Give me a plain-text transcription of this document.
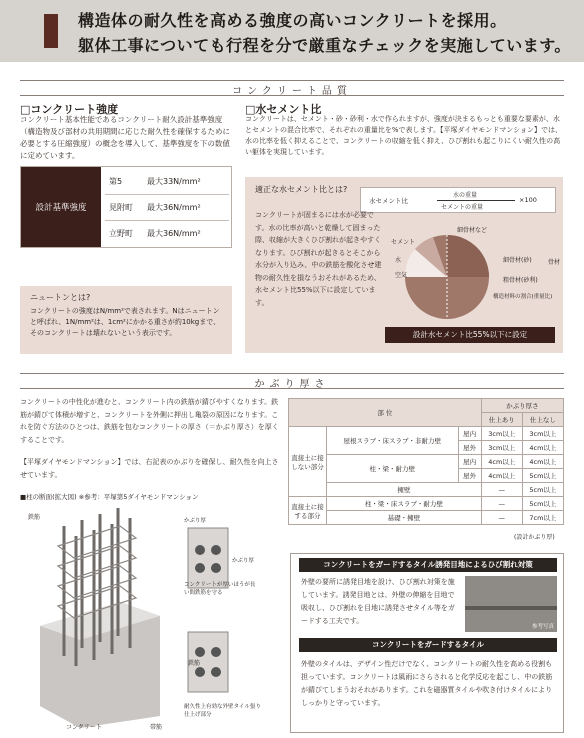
構造体の耐久性を高める強度の高いコンクリートを採用。
躯体工事についても行程を分で厳重なチェックを実施しています。
コンクリート品質
□コンクリート強度
コンクリート基本性能であるコンクリート耐久設計基準強度（構造物及び部材の共用期間に応じた耐久性を確保するために必要とする圧縮強度）の概念を導入して、基準強度を下の数値に定めています。
設計基準強度
第5	最大33N/mm²
見附町 最大36N/mm²
立野町 最大36N/mm²
ニュートンとは?
コンクリートの強度はN/mm²で表されます。Nはニュートンと呼ばれ、1N/mm²は、1cm²にかかる重さが約10kgまで、そのコンクリートは壊れないという表示です。
□水セメント比
コンクリートは、セメント・砂・砂利・水で作られますが、強度が決まるもっとも重要な要素が、水とセメントの混合比率で、それぞれの重量比を%で表します。【平塚ダイヤモンドマンション】では、水の比率を低く抑えることで、コンクリートの収縮を低く抑え、ひび割れも起こりにくい耐久性の高い躯体を実現しています。
適正な水セメント比とは?
水セメント比
水の重量
セメントの重量
×100
コンクリートが固まるには水が必要です。水の比率が高いと乾燥して固まった際、収縮が大きくひび割れが起きやすくなります。ひび割れが起きるとそこから水分が入り込み、中の鉄筋を酸化させ建物の耐久性を損なうおそれがあるため、水セメント比55%以下に設定しています。
セメント
水
空気
細骨材など
細骨材(砂)
粗骨材(砂利)
骨材
構造材料の割合(重量比)
設計水セメント比55%以下に設定
かぶり厚さ
コンクリートの中性化が進むと、コンクリート内の鉄筋が錆びやすくなります。鉄筋が錆びて体積が増すと、コンクリートを外側に押出し亀裂の原因になります。これを防ぐ方法のひとつは、鉄筋を包むコンクリートの厚さ（＝かぶり厚さ）を厚くすることです。
【平塚ダイヤモンドマンション】では、右記表のかぶりを確保し、耐久性を向上させています。
■柱の断面(拡大図) ※参考：平塚第5ダイヤモンドマンション
鉄筋
コンクリート	帯筋
かぶり厚
かぶり厚
コンクリートが厚いほうが長い間鉄筋を守る
鉄筋
耐久性上有効な外壁タイル張り仕上げ部分
部 位			かぶり厚さ	
			仕上あり	仕上なし
直接土に接しない部分	屋根スラブ・床スラブ・非耐力壁	屋内	3cm以上	3cm以上
		屋外	3cm以上	4cm以上
	柱・梁・耐力壁	屋内	4cm以上	4cm以上
		屋外	4cm以上	5cm以上
	擁壁		—	5cm以上
直接土に接する部分	柱・梁・床スラブ・耐力壁		—	5cm以上
	基礎・擁壁		—	7cm以上
(設計かぶり厚)
コンクリートをガードするタイル誘発目地によるひび割れ対策
外壁の要所に誘発目地を設け、ひび割れ対策を施しています。誘発目地とは、外壁の伸縮を目地で吸収し、ひび割れを目地に誘発させタイル等をガードする工夫です。
参考写真
コンクリートをガードするタイル
外壁のタイルは、デザイン性だけでなく、コンクリートの耐久性を高める役割も担っています。コンクリートは風雨にさらされると化学反応を起こし、中の鉄筋が錆びてしまうおそれがあります。これを磁器質タイルや吹き付けタイルによりしっかりと守っています。
